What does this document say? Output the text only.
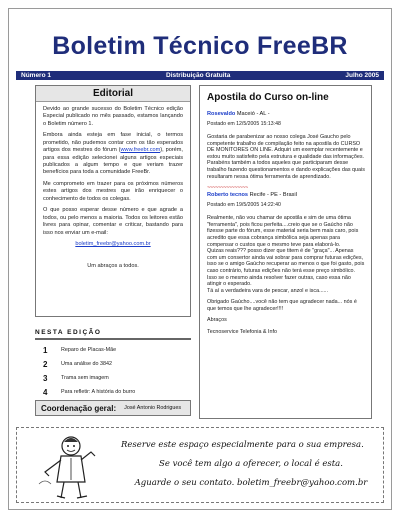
Boletim Técnico FreeBR
Número 1	Distribuição Gratuita	Julho 2005
Editorial

Devido ao grande sucesso do Boletim Técnico edição Especial publicado no mês passado, estamos lançando o Boletim número 1.

Embora ainda esteja em fase inicial, o termos prometido, não pudemos contar com os tão esperados artigos dos mestres do fórum (www.freebr.com), porém, para essa edição selecionei alguns artigos especiais publicados a algum tempo e que veriam trazer benefícios para toda a comunidade FreeBr.

Me comprometo em trazer para os próximos números estes artigos dos mestres que irão enriquecer o conhecimento de todos os colegas.

O que posso esperar desse número e que agrade a todos, ou pelo menos a maioria. Todos os leitores estão livres para opinar, comentar e criticar, bastando para isso nos enviar um e-mail:

boletim_freebr@yahoo.com.br

Um abraços a todos.

NESTA EDIÇÃO
1	Reparo de Placas-Mãe
2	Uma análise do 3842
3	Trama sem imagem
4	Para refletir: A história do burro
Coordenação geral: José Antonio Rodrigues
Apostila do Curso on-line
Rosevaldo Maceió - AL -
Postado em 12/5/2005 15:13:48

Gostaria de parabenizar ao nosso colega José Gaucho pelo competente trabalho de compilação feito na apostila do CURSO DE MONITORES ON LINE. Adquiri um exemplar recentemente e estou muito satisfeito pela estrutura e qualidade das informações. Parabéns também a todos aqueles que participaram desse trabalho fazendo questionamentos e dando explicações das quais resultaram nessa ótima ferramenta de aprendizado.

~~~~~~~~~~~~~~~
Roberto tecnos Recife - PE - Brasil
Postado em 19/5/2005 14:22:40

Realmente, não vou chamar de apostila e sim de uma ótima "ferramenta", pois ficou perfeita....creio que se o Gaúcho não fizesse parte do fórum, esse material seria bem mais caro, pois acredito que essa cobrança simbólica seja apenas para compensar o custos que o mesmo teve para elaborá-lo.
Quizas reais??? posso dizer que titem é de "graça"... Apenas com um consertor ainda vai sobrar para comprar futuras edições, isso se o amigo Gaúcho recuperar ao menos o que foi gasto, pois caso contrário, futuras edições não terá esse preço simbólico. Isso se o mesmo ainda resolver fazer outras, caso essa não atingir o esperado.
Tá aí a verdadeira vara de pescar, anzol e isca......

Obrigado Gaúcho....você não tem que agradecer nada... nós é que temos que lhe agradecer!!!!

Abraços

Tecnoservice Telefonia & Info

Reserve este espaço especialmente para o sua empresa.
Se você tem algo a oferecer, o local é esta.
Aguarde o seu contato. boletim_freebr@yahoo.com.br
